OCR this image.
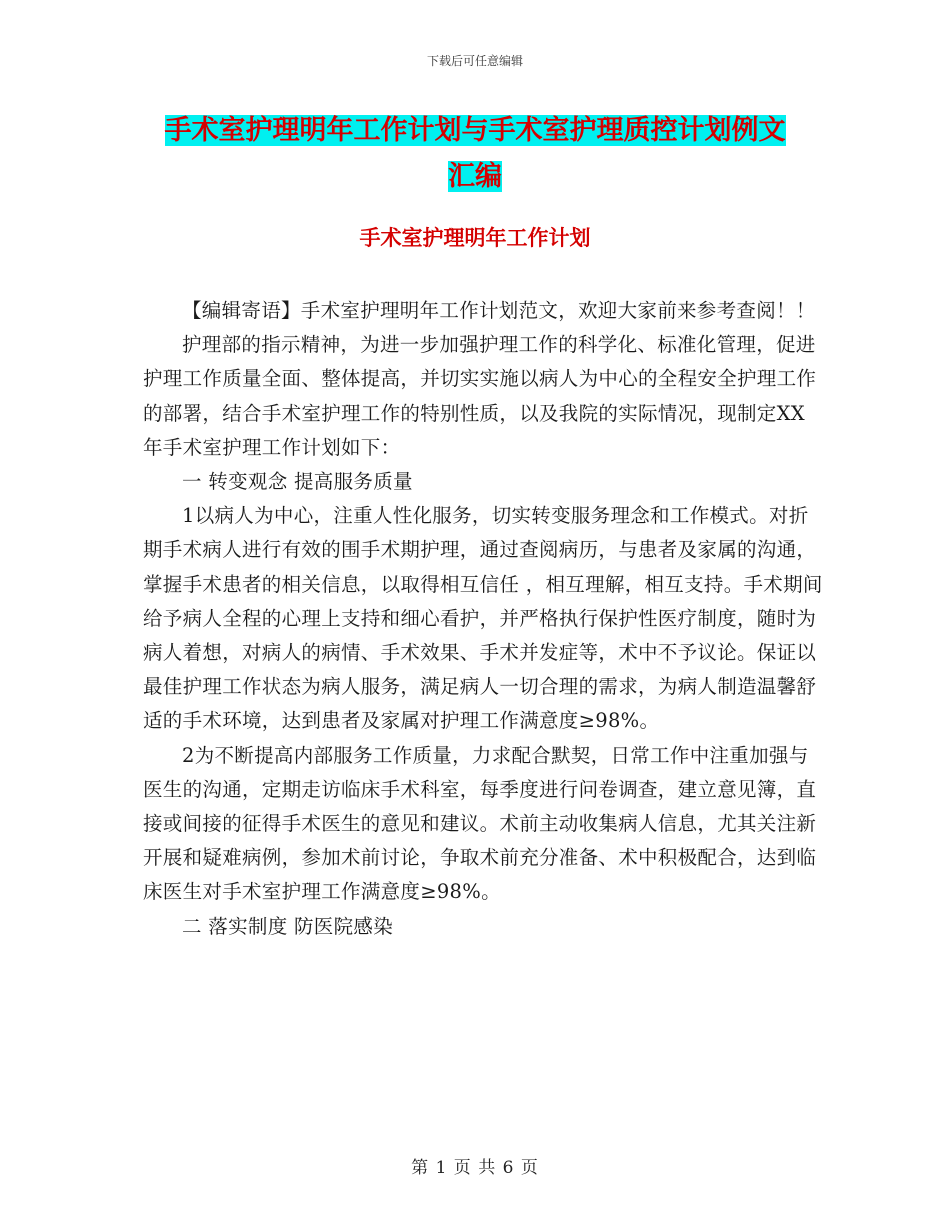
下载后可任意编辑
手术室护理明年工作计划与手术室护理质控计划例文
汇编
手术室护理明年工作计划

【编辑寄语】手术室护理明年工作计划范文，欢迎大家前来参考查阅！！

护理部的指示精神，为进一步加强护理工作的科学化、标准化管理，促进护理工作质量全面、整体提高，并切实实施以病人为中心的全程安全护理工作的部署，结合手术室护理工作的特别性质，以及我院的实际情况，现制定XX年手术室护理工作计划如下：

一 转变观念 提高服务质量

1以病人为中心，注重人性化服务，切实转变服务理念和工作模式。对折期手术病人进行有效的围手术期护理，通过查阅病历，与患者及家属的沟通，掌握手术患者的相关信息，以取得相互信任 ，相互理解，相互支持。手术期间给予病人全程的心理上支持和细心看护，并严格执行保护性医疗制度，随时为病人着想，对病人的病情、手术效果、手术并发症等，术中不予议论。保证以最佳护理工作状态为病人服务，满足病人一切合理的需求，为病人制造温馨舒适的手术环境，达到患者及家属对护理工作满意度≥98%。

2为不断提高内部服务工作质量，力求配合默契，日常工作中注重加强与医生的沟通，定期走访临床手术科室，每季度进行问卷调查，建立意见簿，直接或间接的征得手术医生的意见和建议。术前主动收集病人信息，尤其关注新开展和疑难病例，参加术前讨论，争取术前充分准备、术中积极配合，达到临床医生对手术室护理工作满意度≥98%。

二 落实制度 防医院感染

第 1 页 共 6 页
